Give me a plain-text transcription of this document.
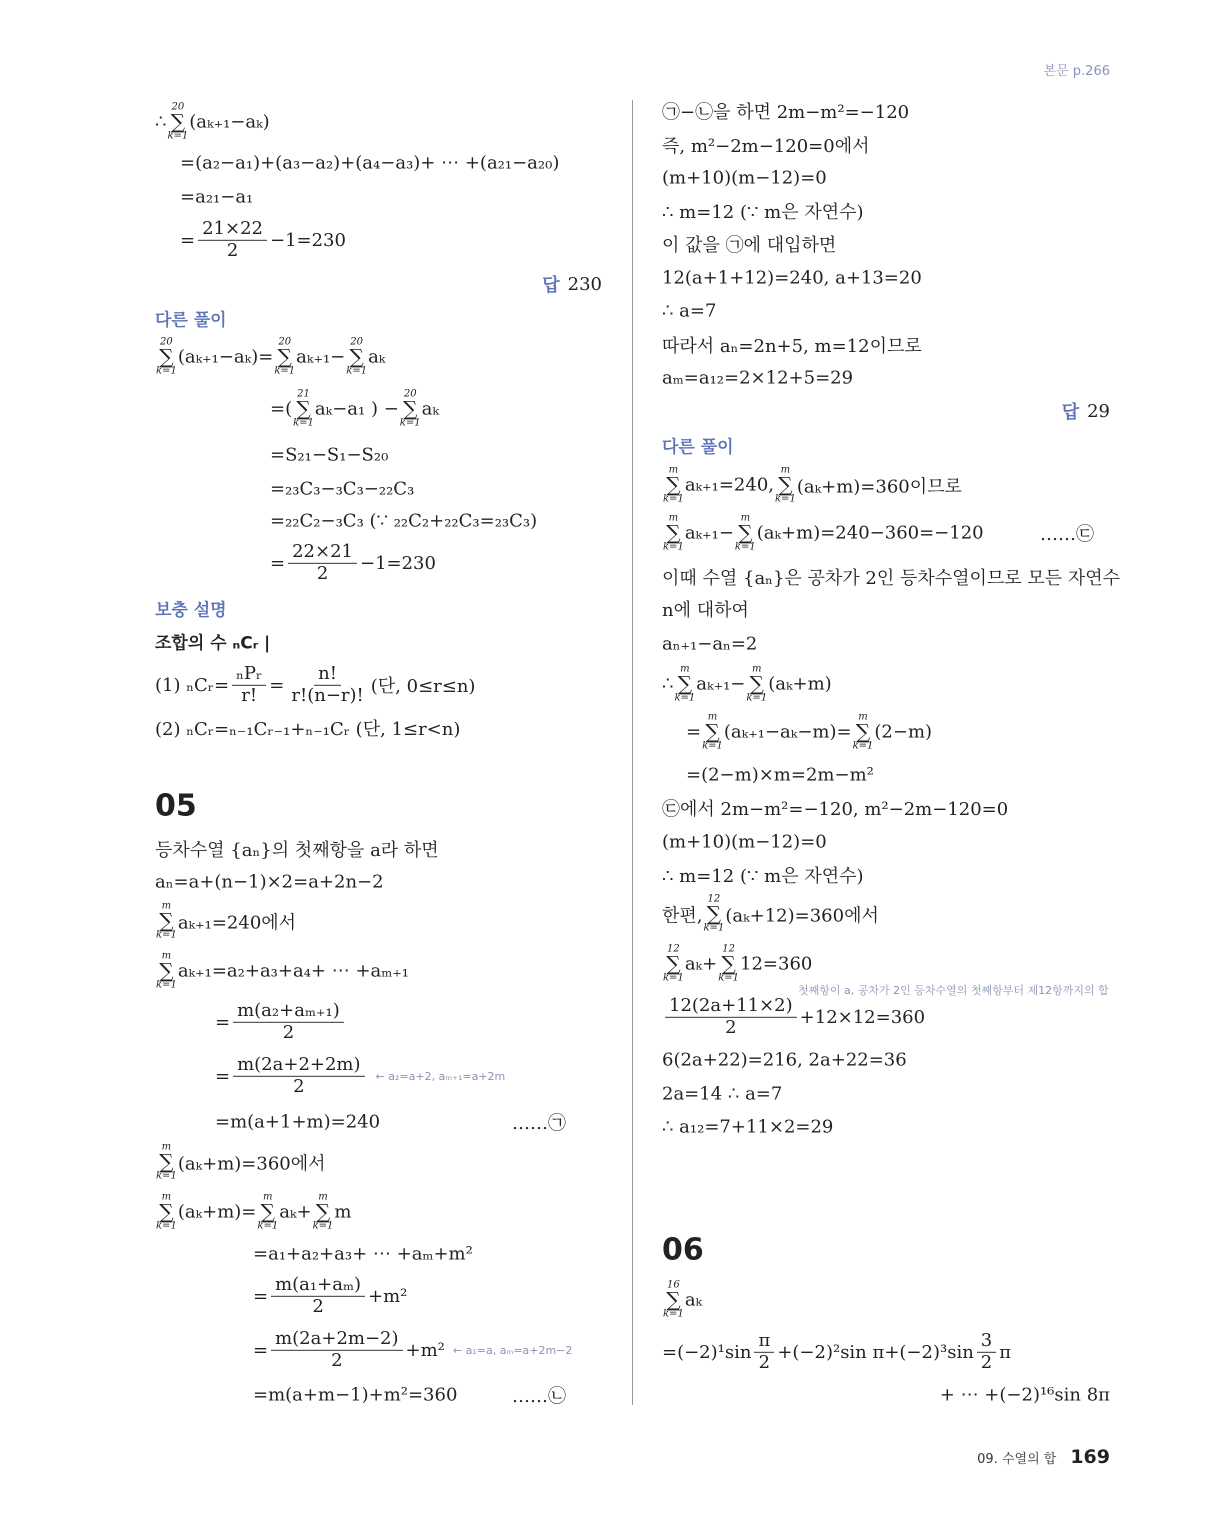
본문 p.266
∴
20
∑
k=1
(aₖ₊₁−aₖ)
=(a₂−a₁)+(a₃−a₂)+(a₄−a₃)+ ⋯ +(a₂₁−a₂₀)
=a₂₁−a₁
= $\frac{21\times 22}{2} -1=230$
답 230
다른 풀이
20
∑
k=1
(aₖ₊₁−aₖ)=
20
∑
k=1
aₖ₊₁−
20
∑
k=1
aₖ
=(
21
∑
k=1
aₖ−a₁ ) −
20
∑
k=1
aₖ
=S₂₁−S₁−S₂₀
=₂₃C₃−₃C₃−₂₂C₃
=₂₂C₂−₃C₃ (∵ ₂₂C₂+₂₂C₃=₂₃C₃)
= $\frac{22\times 21}{2} -1=230$
보충 설명
조합의 수 ₙCᵣ |
(1) ₙCᵣ= $\frac{\text{ₙPᵣ}}{r!} = \frac{n!}{r!(n-r)!}$ (단, 0≤r≤n)
(2) ₙCᵣ=ₙ₋₁Cᵣ₋₁+ₙ₋₁Cᵣ (단, 1≤r<n)
05
등차수열 {aₙ}의 첫째항을 a라 하면
aₙ=a+(n−1)×2=a+2n−2
m
∑
k=1
aₖ₊₁=240에서
m
∑
k=1
aₖ₊₁=a₂+a₃+a₄+ ⋯ +aₘ₊₁
= $\frac{\text{m(a₂+aₘ₊₁)}}{2}$
= $\frac{m(2a+2+2m)}{2}$ ← a₂=a+2, aₘ₊₁=a+2m
=m(a+1+m)=240	……㉠
m
∑
k=1
(aₖ+m)=360에서
m
∑
k=1
(aₖ+m)=
m
∑
k=1
aₖ+
m
∑
k=1
m
=a₁+a₂+a₃+ ⋯ +aₘ+m²
= $\frac{\text{m(a₁+aₘ)}}{2} +m^2$
= $\frac{m(2a+2m-2)}{2} +m^2$ ← a₁=a, aₘ=a+2m−2
=m(a+m−1)+m²=360	……㉡
㉠−㉡을 하면 2m−m²=−120
즉, m²−2m−120=0에서
(m+10)(m−12)=0
∴ m=12 (∵ m은 자연수)
이 값을 ㉠에 대입하면
12(a+1+12)=240, a+13=20
∴ a=7
따라서 aₙ=2n+5, m=12이므로
aₘ=a₁₂=2×12+5=29
답 29
다른 풀이
m
∑
k=1
aₖ₊₁=240,
m
∑
k=1
(aₖ+m)=360이므로
m
∑
k=1
aₖ₊₁−
m
∑
k=1
(aₖ+m)=240−360=−120	……㉢
이때 수열 {aₙ}은 공차가 2인 등차수열이므로 모든 자연수
n에 대하여
aₙ₊₁−aₙ=2
∴
m
∑
k=1
aₖ₊₁−
m
∑
k=1
(aₖ+m)
=
m
∑
k=1
(aₖ₊₁−aₖ−m)=
m
∑
k=1
(2−m)
=(2−m)×m=2m−m²
㉢에서 2m−m²=−120, m²−2m−120=0
(m+10)(m−12)=0
∴ m=12 (∵ m은 자연수)
한편,
12
∑
k=1
(aₖ+12)=360에서
12
∑
k=1
aₖ+
12
∑
k=1
12=360
첫째항이 a, 공차가 2인 등차수열의 첫째항부터 제12항까지의 합
$\frac{12(2a+11\times 2)}{2} +12\times 12=360$
6(2a+22)=216, 2a+22=36
2a=14 ∴ a=7
∴ a₁₂=7+11×2=29
06
16
∑
k=1
aₖ
$=(-2)^1\sin \frac{\pi}{2} +(-2)^2\sin$ $\pi+(-2)^3\sin \frac{3}{2}$ π
+ ⋯ +(−2)¹⁶sin 8π
09. 수열의 합 169
